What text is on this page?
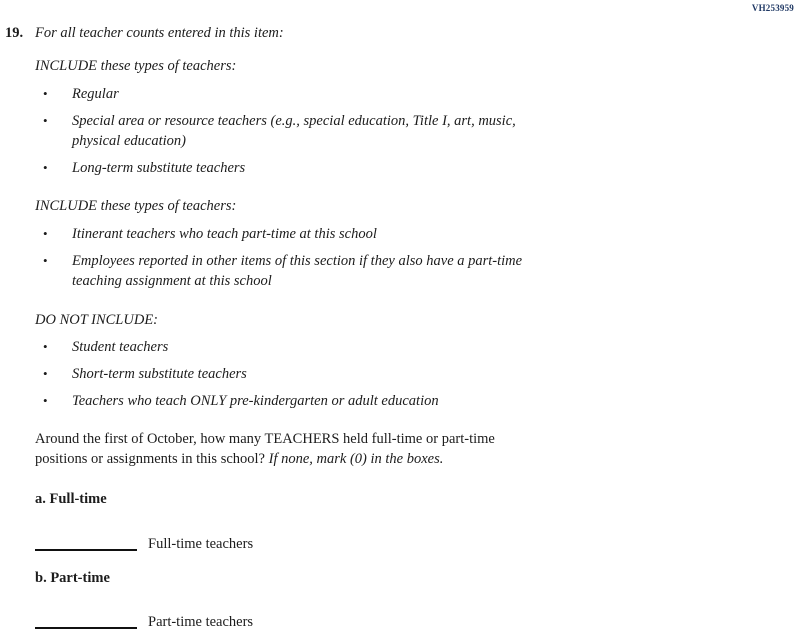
VH253959
19. For all teacher counts entered in this item:
INCLUDE these types of teachers:
•	Regular
•	Special area or resource teachers (e.g., special education, Title I, art, music,
physical education)
•	Long-term substitute teachers
INCLUDE these types of teachers:
•	Itinerant teachers who teach part-time at this school
•	Employees reported in other items of this section if they also have a part-time
teaching assignment at this school
DO NOT INCLUDE:
•	Student teachers
•	Short-term substitute teachers
•	Teachers who teach ONLY pre-kindergarten or adult education
Around the first of October, how many TEACHERS held full-time or part-time
positions or assignments in this school? If none, mark (0) in the boxes.
a. Full-time
Full-time teachers
b. Part-time
Part-time teachers
